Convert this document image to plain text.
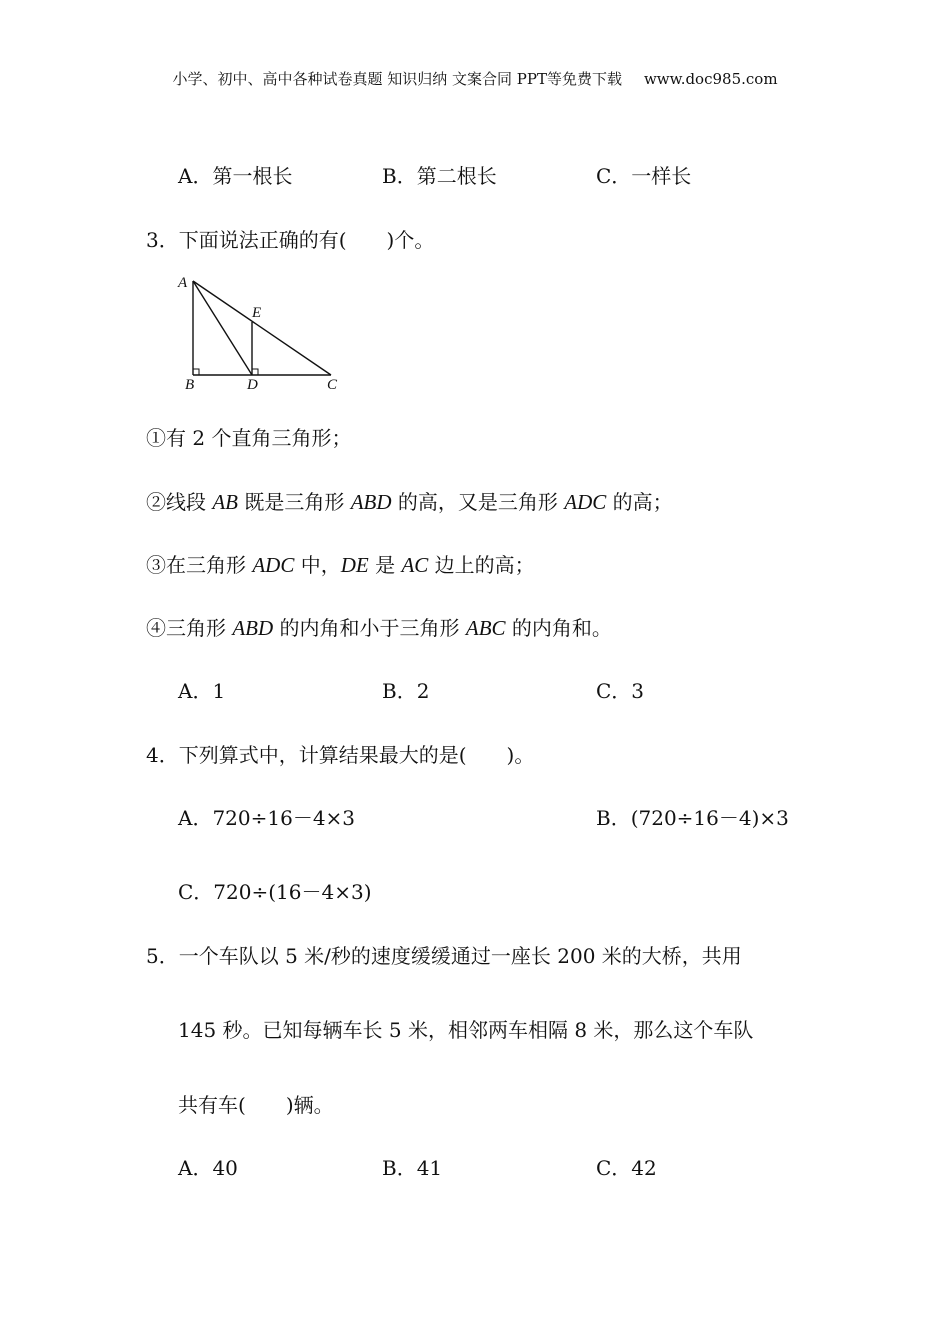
小学、初中、高中各种试卷真题 知识归纳 文案合同 PPT等免费下载 www.doc985.com
A．第一根长	B．第二根长	C．一样长
3．下面说法正确的有( )个。
A
E
B	D	C
①有 2 个直角三角形；
②线段 AB 既是三角形 ABD 的高，又是三角形 ADC 的高；
③在三角形 ADC 中，DE 是 AC 边上的高；
④三角形 ABD 的内角和小于三角形 ABC 的内角和。
A．1	B．2	C．3
4．下列算式中，计算结果最大的是( )。
A．720÷16－4×3	B．(720÷16－4)×3
C．720÷(16－4×3)
5．一个车队以 5 米/秒的速度缓缓通过一座长 200 米的大桥，共用
145 秒。已知每辆车长 5 米，相邻两车相隔 8 米，那么这个车队
共有车( )辆。
A．40	B．41	C．42
